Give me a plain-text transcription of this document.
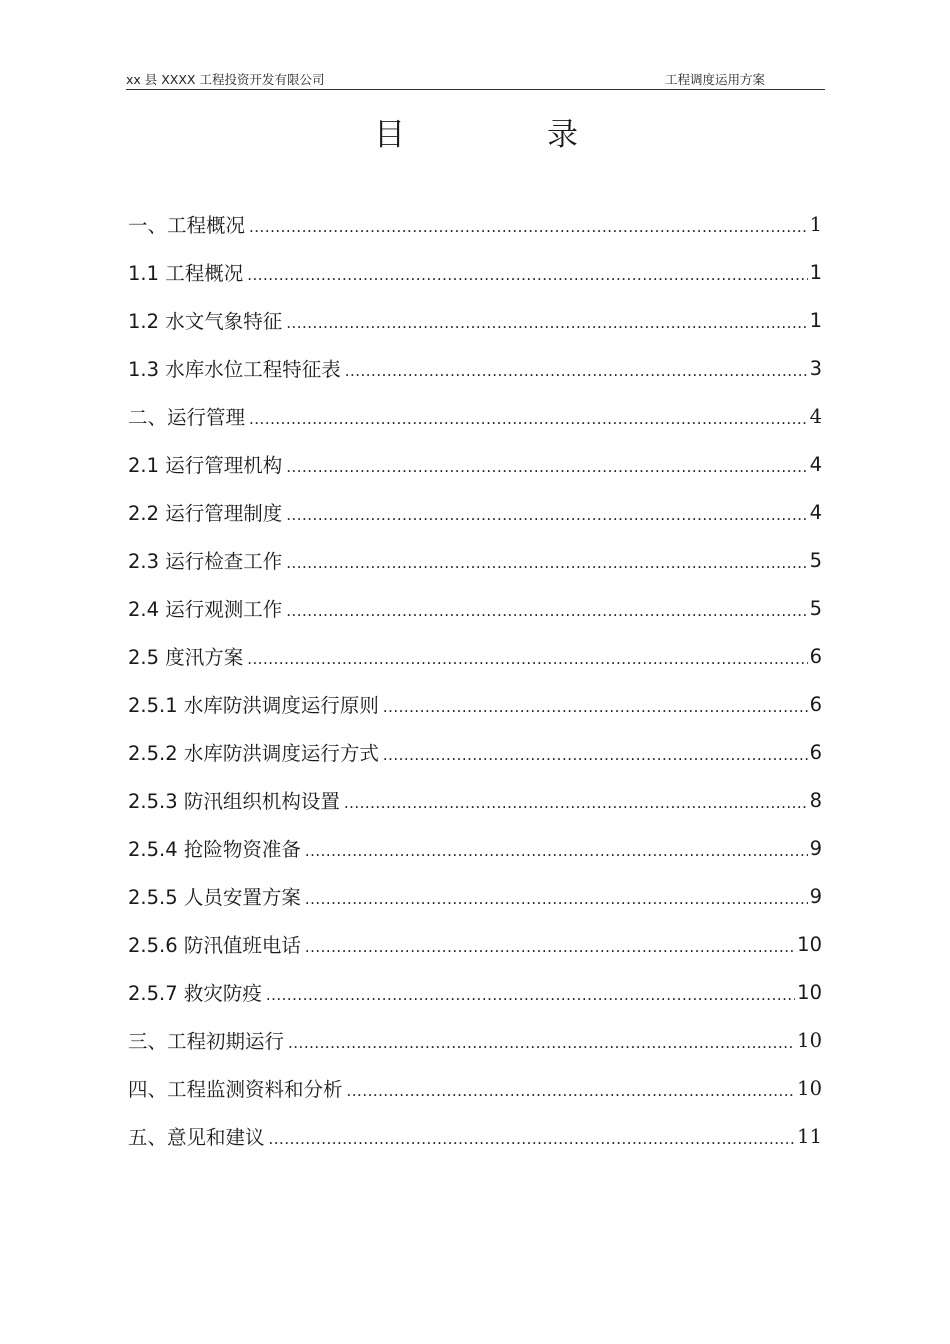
xx 县 XXXX 工程投资开发有限公司	工程调度运用方案
目	录
一、工程概况 .....	1
1.1 工程概况 .....	1
1.2 水文气象特征 .....	1
1.3 水库水位工程特征表 .....	3
二、运行管理 .....	4
2.1 运行管理机构 .....	4
2.2 运行管理制度 .....	4
2.3 运行检查工作 .....	5
2.4 运行观测工作 .....	5
2.5 度汛方案 .....	6
2.5.1 水库防洪调度运行原则 .....	6
2.5.2 水库防洪调度运行方式 .....	6
2.5.3 防汛组织机构设置 .....	8
2.5.4 抢险物资准备 .....	9
2.5.5 人员安置方案 .....	9
2.5.6 防汛值班电话 .....	10
2.5.7 救灾防疫 .....	10
三、工程初期运行 .....	10
四、工程监测资料和分析 .....	10
五、意见和建议 .....	11
